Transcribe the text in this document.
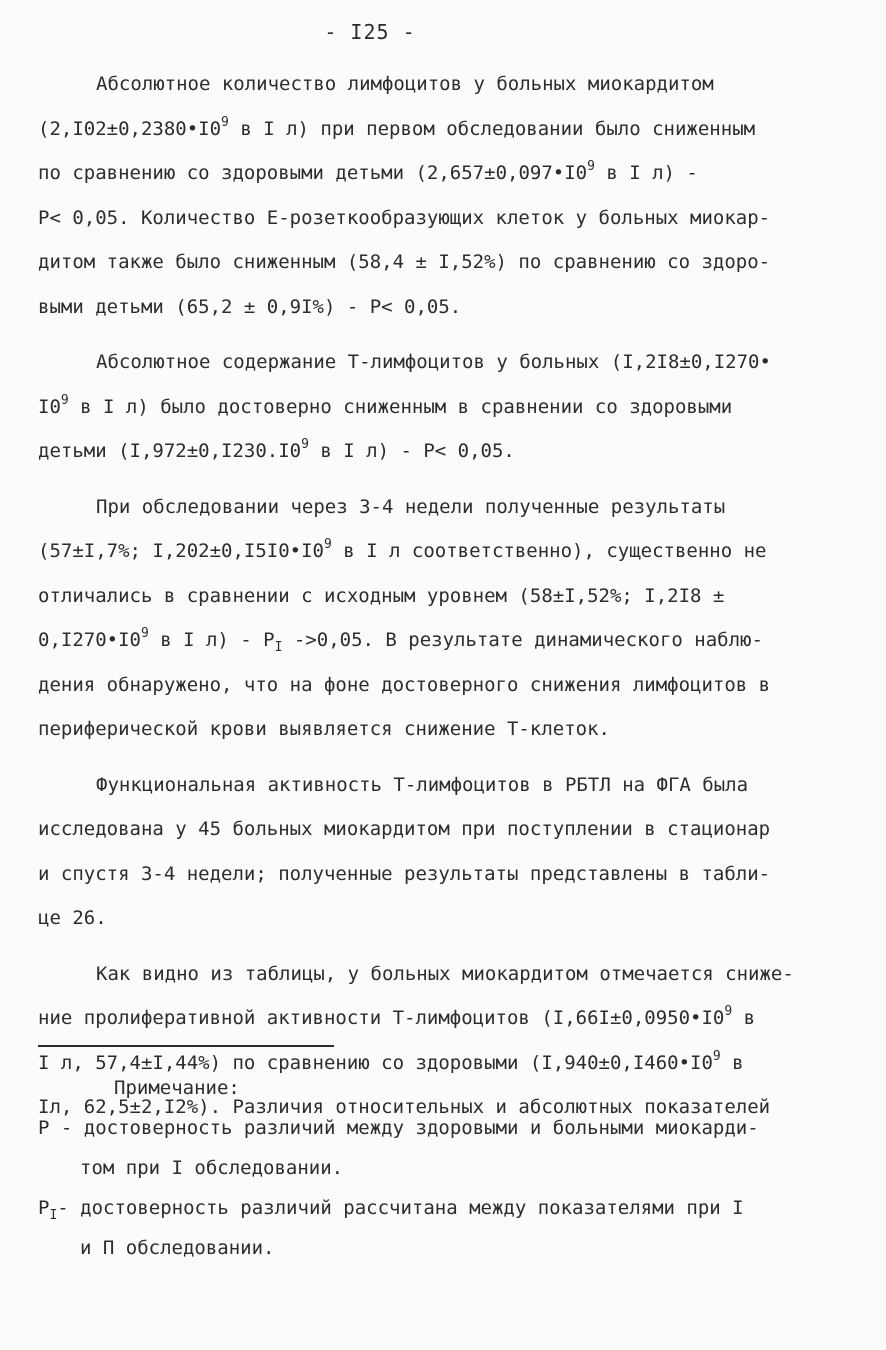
- I25 -

Абсолютное количество лимфоцитов у больных миокардитом
($2,I02\pm 0,2380•I0^9$ в I л) при первом обследовании было сниженным
по сравнению со здоровыми детьми ($2,657\pm 0,097•I0^9$ в I л) -
P< 0,05. Количество E-розеткообразующих клеток у больных миокар-
дитом также было сниженным (58,4 ± I,52%) по сравнению со здоро-
выми детьми (65,2 ± 0,9I%) - P< 0,05.

Абсолютное содержание T-лимфоцитов у больных (I,2I8±0,I270•
$I0^9$ в I л) было достоверно сниженным в сравнении со здоровыми
детьми ($I,972\pm 0,I230.I0^9$ в I л) - P< 0,05.

При обследовании через 3-4 недели полученные результаты
(57±I,7%; $I,202\pm 0,I5I0•I0^9$ в I л соответственно), существенно не
отличались в сравнении с исходным уровнем (58±I,52%; I,2I8 ±
$0,I270•I0^9$ в I $л) - P_I$ ->0,05. В результате динамического наблю-
дения обнаружено, что на фоне достоверного снижения лимфоцитов в
периферической крови выявляется снижение T-клеток.

Функциональная активность T-лимфоцитов в РБТЛ на ФГА была
исследована у 45 больных миокардитом при поступлении в стационар
и спустя 3-4 недели; полученные результаты представлены в табли-
це 26.

Как видно из таблицы, у больных миокардитом отмечается сниже-
ние пролиферативной активности T-лимфоцитов ($I,66I\pm 0,0950•I0^9$ в
I л, 57,4±I,44%) по сравнению со здоровыми ($I,940\pm 0,I460•I0^9$ в
Iл, 62,5±2,I2%). Различия относительных и абсолютных показателей

Примечание:
P - достоверность различий между здоровыми и больными миокарди-
том при I обследовании.
$P_I-$ достоверность различий рассчитана между показателями при I
и П обследовании.
